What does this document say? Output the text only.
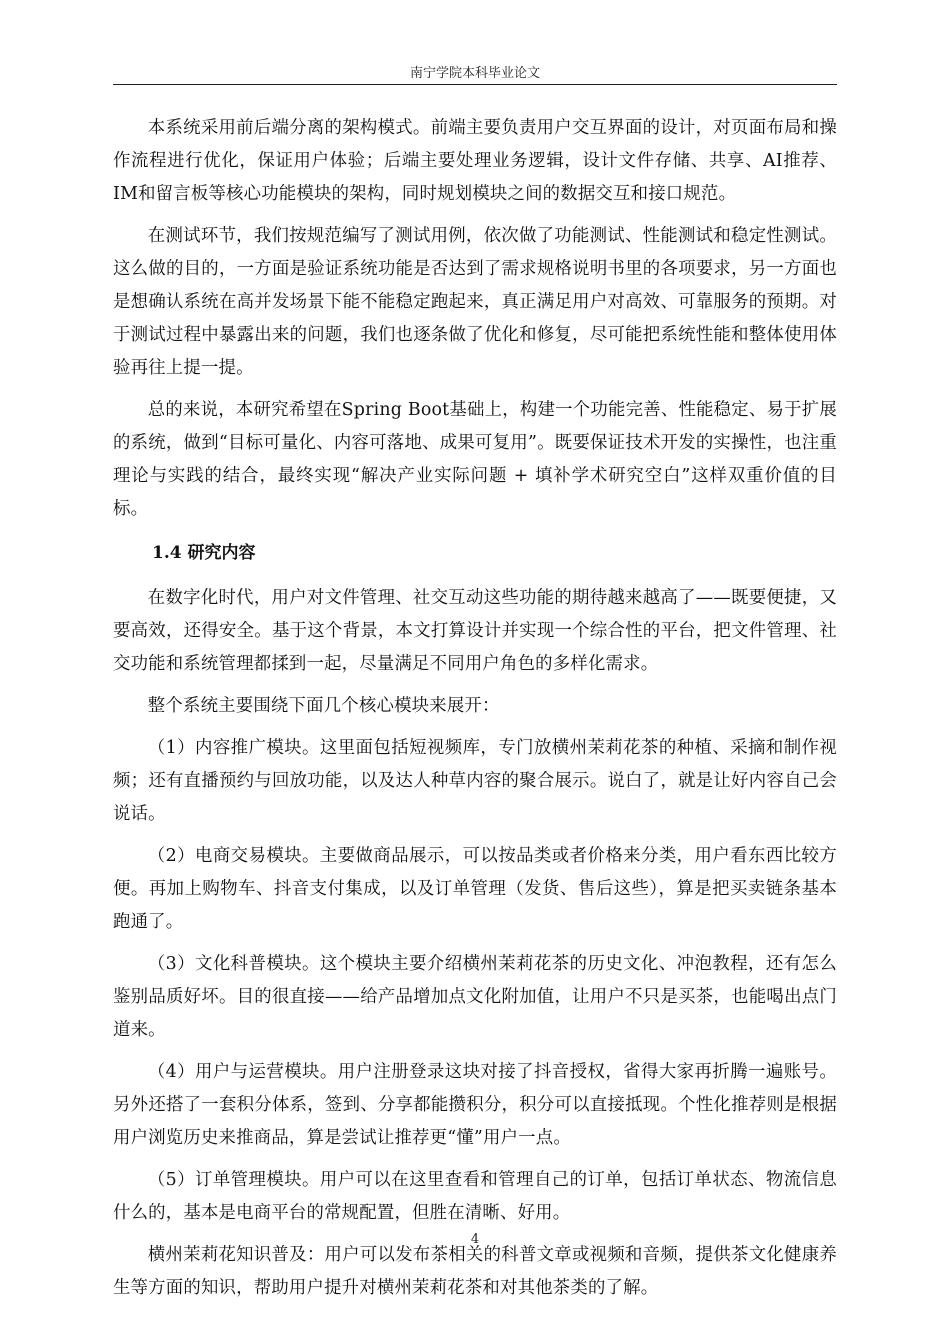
南宁学院本科毕业论文

本系统采用前后端分离的架构模式。前端主要负责用户交互界面的设计，对页面布局和操作流程进行优化，保证用户体验；后端主要处理业务逻辑，设计文件存储、共享、AI推荐、IM和留言板等核心功能模块的架构，同时规划模块之间的数据交互和接口规范。

在测试环节，我们按规范编写了测试用例，依次做了功能测试、性能测试和稳定性测试。这么做的目的，一方面是验证系统功能是否达到了需求规格说明书里的各项要求，另一方面也是想确认系统在高并发场景下能不能稳定跑起来，真正满足用户对高效、可靠服务的预期。对于测试过程中暴露出来的问题，我们也逐条做了优化和修复，尽可能把系统性能和整体使用体验再往上提一提。

总的来说，本研究希望在Spring Boot基础上，构建一个功能完善、性能稳定、易于扩展的系统，做到“目标可量化、内容可落地、成果可复用”。既要保证技术开发的实操性，也注重理论与实践的结合，最终实现“解决产业实际问题 + 填补学术研究空白”这样双重价值的目标。

1.4 研究内容

在数字化时代，用户对文件管理、社交互动这些功能的期待越来越高了——既要便捷，又要高效，还得安全。基于这个背景，本文打算设计并实现一个综合性的平台，把文件管理、社交功能和系统管理都揉到一起，尽量满足不同用户角色的多样化需求。

整个系统主要围绕下面几个核心模块来展开：

（1）内容推广模块。这里面包括短视频库，专门放横州茉莉花茶的种植、采摘和制作视频；还有直播预约与回放功能，以及达人种草内容的聚合展示。说白了，就是让好内容自己会说话。

（2）电商交易模块。主要做商品展示，可以按品类或者价格来分类，用户看东西比较方便。再加上购物车、抖音支付集成，以及订单管理（发货、售后这些），算是把买卖链条基本跑通了。

（3）文化科普模块。这个模块主要介绍横州茉莉花茶的历史文化、冲泡教程，还有怎么鉴别品质好坏。目的很直接——给产品增加点文化附加值，让用户不只是买茶，也能喝出点门道来。

（4）用户与运营模块。用户注册登录这块对接了抖音授权，省得大家再折腾一遍账号。另外还搭了一套积分体系，签到、分享都能攒积分，积分可以直接抵现。个性化推荐则是根据用户浏览历史来推商品，算是尝试让推荐更“懂”用户一点。

（5）订单管理模块。用户可以在这里查看和管理自己的订单，包括订单状态、物流信息什么的，基本是电商平台的常规配置，但胜在清晰、好用。

横州茉莉花知识普及：用户可以发布茶相关的科普文章或视频和音频，提供茶文化健康养生等方面的知识，帮助用户提升对横州茉莉花茶和对其他茶类的了解。

4
